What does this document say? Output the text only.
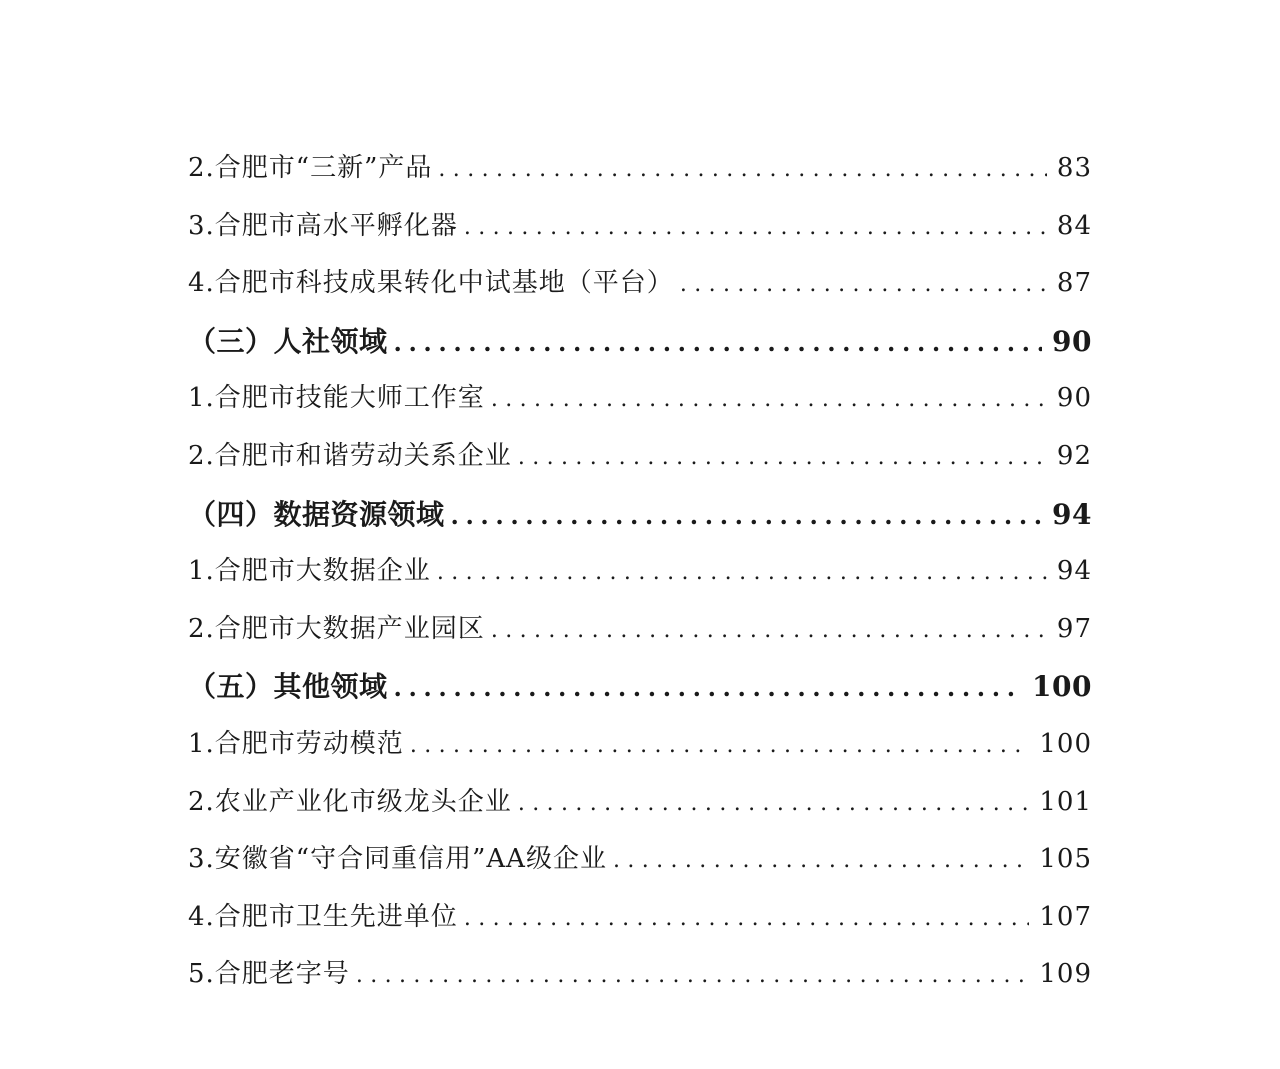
2.合肥市“三新”产品 .....	83
3.合肥市高水平孵化器 .....	84
4.合肥市科技成果转化中试基地（平台） .....	87
（三）人社领域 .....	90
1.合肥市技能大师工作室 .....	90
2.合肥市和谐劳动关系企业 .....	92
（四）数据资源领域 .....	94
1.合肥市大数据企业 .....	94
2.合肥市大数据产业园区 .....	97
（五）其他领域 .....	100
1.合肥市劳动模范 .....	100
2.农业产业化市级龙头企业 .....	101
3.安徽省“守合同重信用”AA级企业 .....	105
4.合肥市卫生先进单位 .....	107
5.合肥老字号 .....	109
